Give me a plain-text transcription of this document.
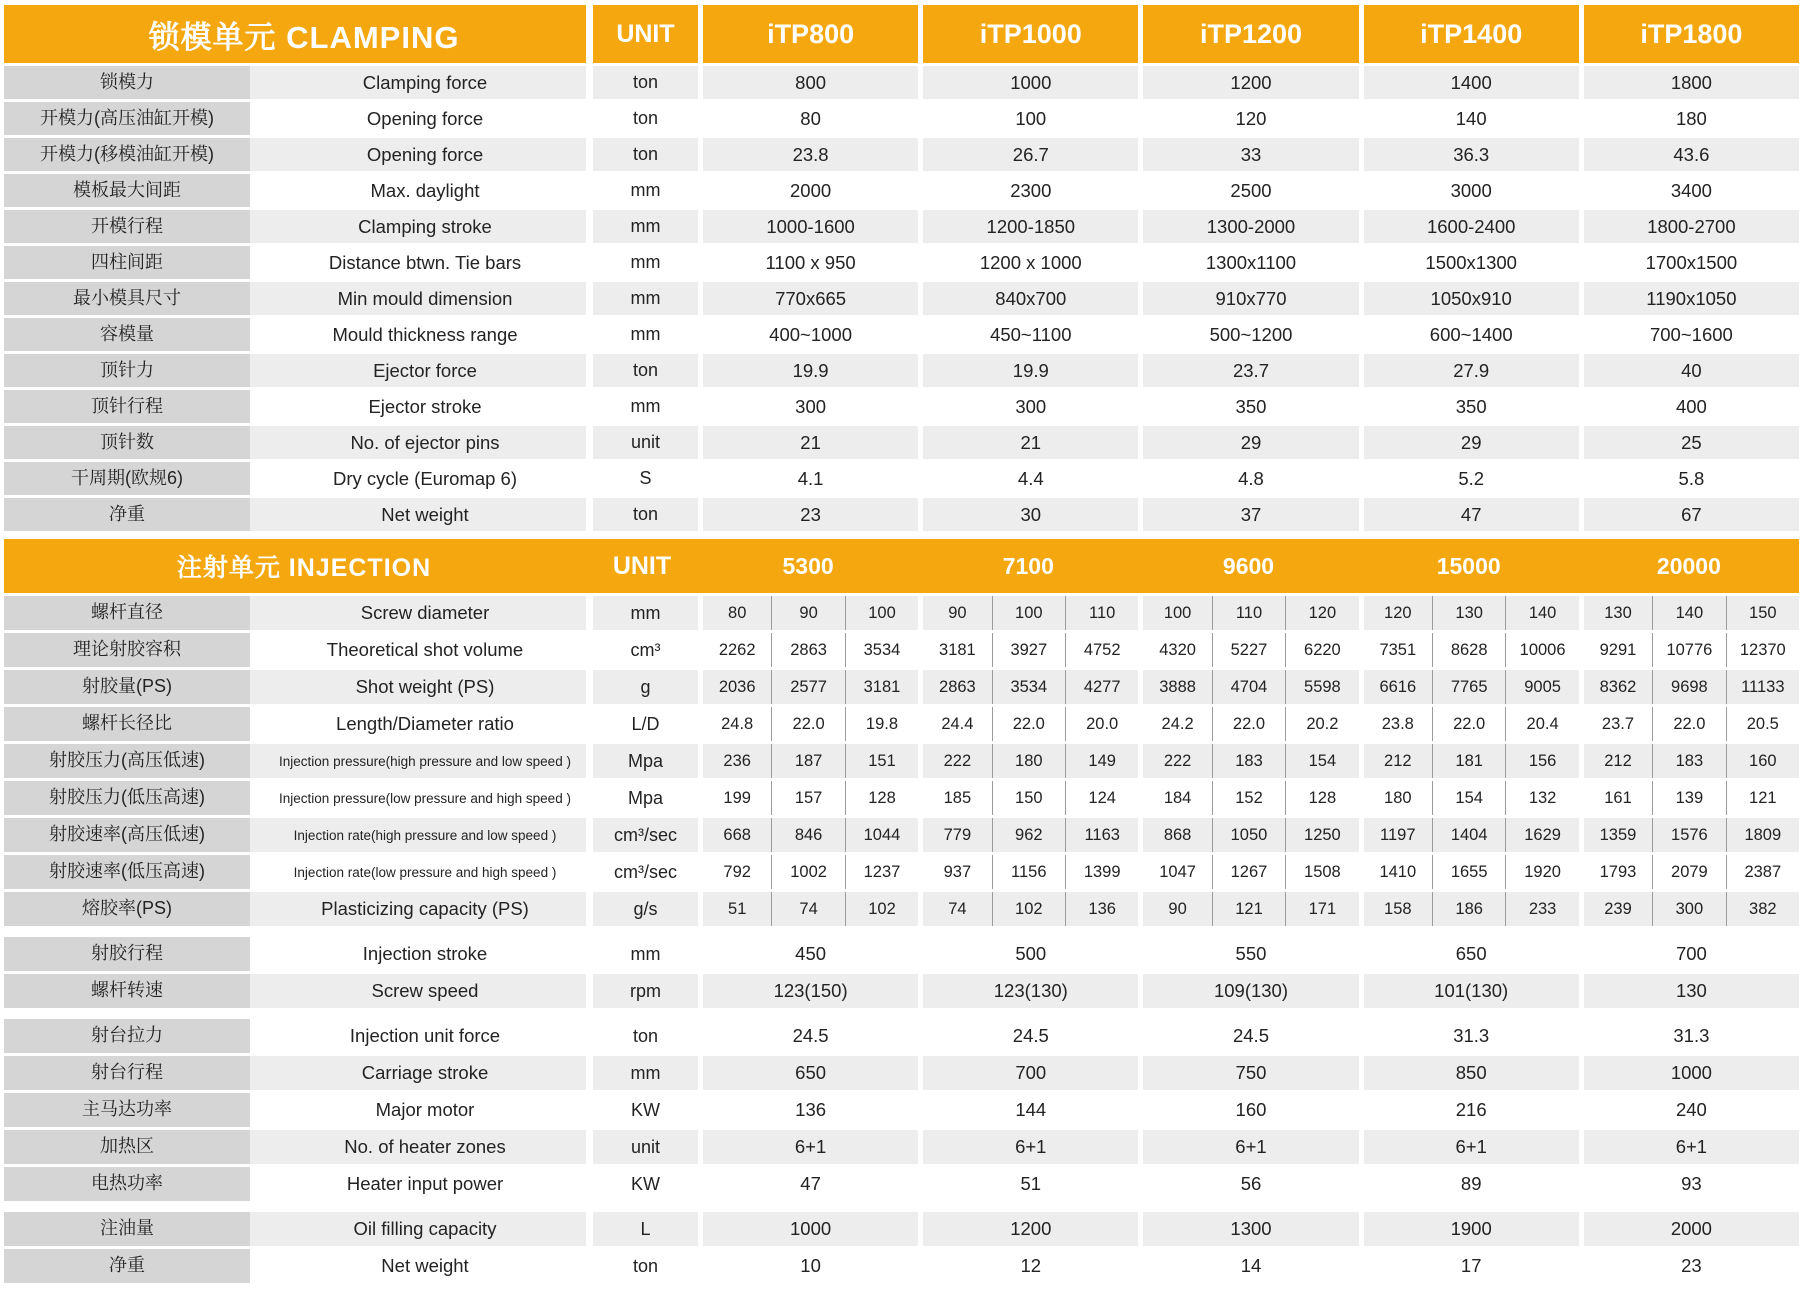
锁模单元 CLAMPING	UNIT	iTP800	iTP1000	iTP1200	iTP1400	iTP1800
锁模力	Clamping force	ton	800	1000	1200	1400	1800
开模力(高压油缸开模)	Opening force	ton	80	100	120	140	180
开模力(移模油缸开模)	Opening force	ton	23.8	26.7	33	36.3	43.6
模板最大间距	Max. daylight	mm	2000	2300	2500	3000	3400
开模行程	Clamping stroke	mm	1000-1600	1200-1850	1300-2000	1600-2400	1800-2700
四柱间距	Distance btwn. Tie bars	mm	1100 x 950	1200 x 1000	1300x1100	1500x1300	1700x1500
最小模具尺寸	Min mould dimension	mm	770x665	840x700	910x770	1050x910	1190x1050
容模量	Mould thickness range	mm	400~1000	450~1100	500~1200	600~1400	700~1600
顶针力	Ejector force	ton	19.9	19.9	23.7	27.9	40
顶针行程	Ejector stroke	mm	300	300	350	350	400
顶针数	No. of ejector pins	unit	21	21	29	29	25
干周期(欧规6)	Dry cycle (Euromap 6)	S	4.1	4.4	4.8	5.2	5.8
净重	Net weight	ton	23	30	37	47	67
注射单元 INJECTION	UNIT	5300	7100	9600	15000	20000
螺杆直径	Screw diameter	mm	80	90	100	90	100	110	100	110	120	120	130	140	130	140	150
理论射胶容积	Theoretical shot volume	cm³	2262	2863	3534	3181	3927	4752	4320	5227	6220	7351	8628	10006	9291	10776	12370
射胶量(PS)	Shot weight (PS)	g	2036	2577	3181	2863	3534	4277	3888	4704	5598	6616	7765	9005	8362	9698	11133
螺杆长径比	Length/Diameter ratio	L/D	24.8	22.0	19.8	24.4	22.0	20.0	24.2	22.0	20.2	23.8	22.0	20.4	23.7	22.0	20.5
射胶压力(高压低速)	Injection pressure(high pressure and low speed )	Mpa	236	187	151	222	180	149	222	183	154	212	181	156	212	183	160
射胶压力(低压高速)	Injection pressure(low pressure and high speed )	Mpa	199	157	128	185	150	124	184	152	128	180	154	132	161	139	121
射胶速率(高压低速)	Injection rate(high pressure and low speed )	cm³/sec	668	846	1044	779	962	1163	868	1050	1250	1197	1404	1629	1359	1576	1809
射胶速率(低压高速)	Injection rate(low pressure and high speed )	cm³/sec	792	1002	1237	937	1156	1399	1047	1267	1508	1410	1655	1920	1793	2079	2387
熔胶率(PS)	Plasticizing capacity (PS)	g/s	51	74	102	74	102	136	90	121	171	158	186	233	239	300	382
射胶行程	Injection stroke	mm	450	500	550	650	700
螺杆转速	Screw speed	rpm	123(150)	123(130)	109(130)	101(130)	130
射台拉力	Injection unit force	ton	24.5	24.5	24.5	31.3	31.3
射台行程	Carriage stroke	mm	650	700	750	850	1000
主马达功率	Major motor	KW	136	144	160	216	240
加热区	No. of heater zones	unit	6+1	6+1	6+1	6+1	6+1
电热功率	Heater input power	KW	47	51	56	89	93
注油量	Oil filling capacity	L	1000	1200	1300	1900	2000
净重	Net weight	ton	10	12	14	17	23
